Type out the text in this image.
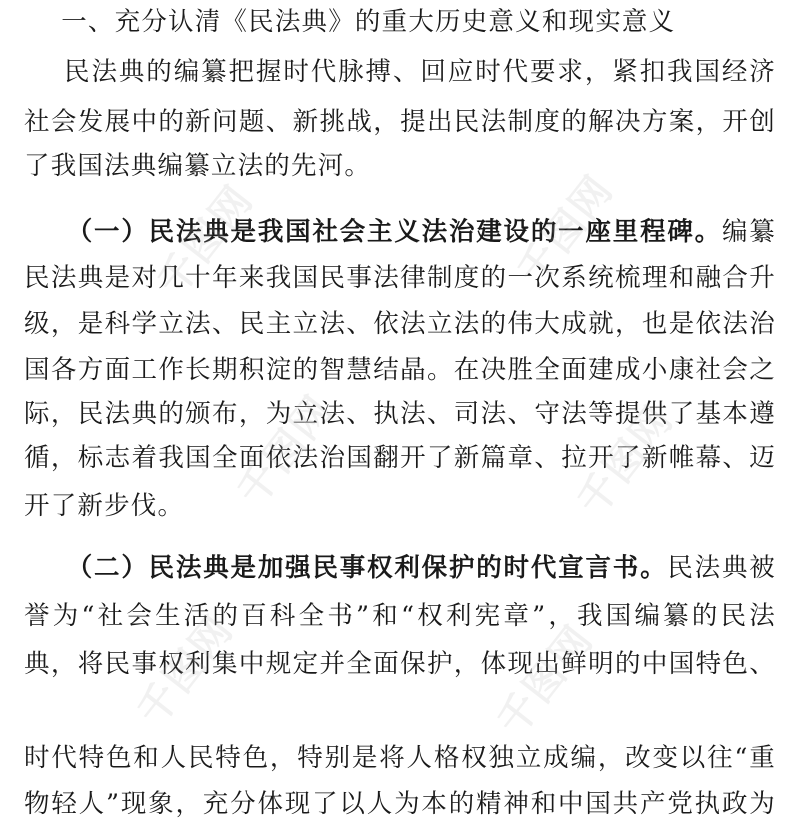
一、充分认清《民法典》的重大历史意义和现实意义
民法典的编纂把握时代脉搏、回应时代要求，紧扣我国经济
社会发展中的新问题、新挑战，提出民法制度的解决方案，开创
了我国法典编纂立法的先河。
（一）民法典是我国社会主义法治建设的一座里程碑。编纂
民法典是对几十年来我国民事法律制度的一次系统梳理和融合升
级，是科学立法、民主立法、依法立法的伟大成就，也是依法治
国各方面工作长期积淀的智慧结晶。在决胜全面建成小康社会之
际，民法典的颁布，为立法、执法、司法、守法等提供了基本遵
循，标志着我国全面依法治国翻开了新篇章、拉开了新帷幕、迈
开了新步伐。
（二）民法典是加强民事权利保护的时代宣言书。民法典被
誉为“社会生活的百科全书”和“权利宪章”，我国编纂的民法
典，将民事权利集中规定并全面保护，体现出鲜明的中国特色、
时代特色和人民特色，特别是将人格权独立成编，改变以往“重
物轻人”现象，充分体现了以人为本的精神和中国共产党执政为
千图网	千图网
千图网	千图网
千图网	千图网
